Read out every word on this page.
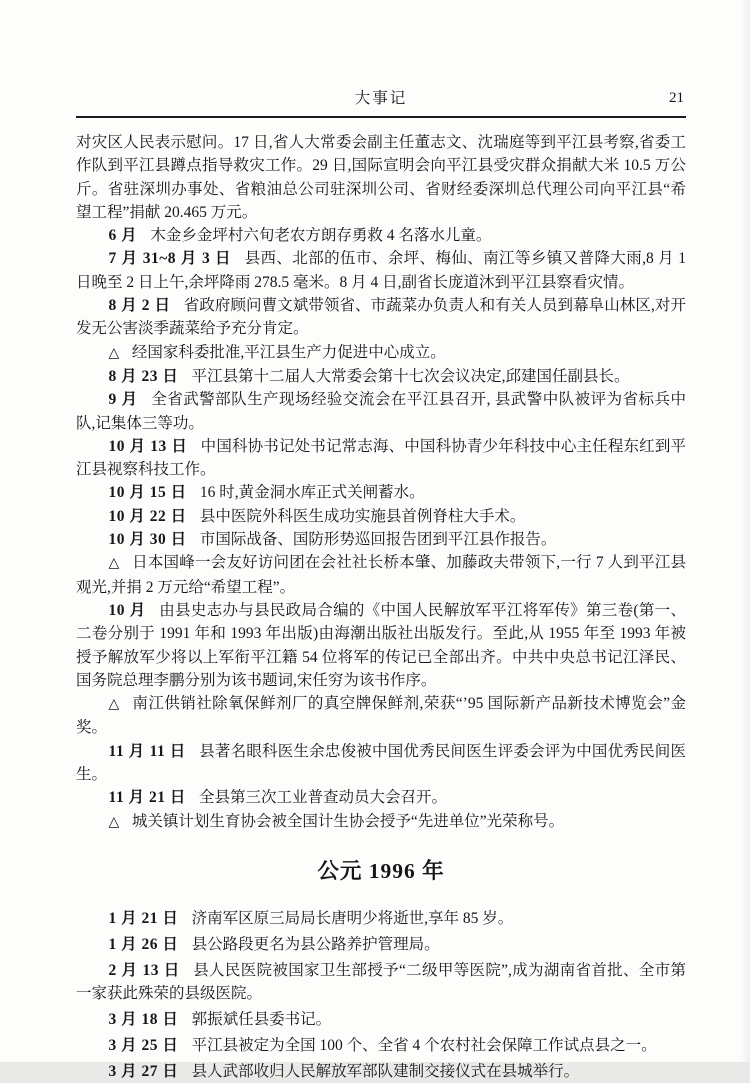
大事记	21

对灾区人民表示慰问。17 日,省人大常委会副主任董志文、沈瑞庭等到平江县考察,省委工作队到平江县蹲点指导救灾工作。29 日,国际宣明会向平江县受灾群众捐献大米 10.5 万公斤。省驻深圳办事处、省粮油总公司驻深圳公司、省财经委深圳总代理公司向平江县“希望工程”捐献 20.465 万元。

6 月 木金乡金坪村六旬老农方朗存勇救 4 名落水儿童。

7 月 31~8 月 3 日 县西、北部的伍市、余坪、梅仙、南江等乡镇又普降大雨,8 月 1 日晚至 2 日上午,余坪降雨 278.5 毫米。8 月 4 日,副省长庞道沐到平江县察看灾情。

8 月 2 日 省政府顾问曹文斌带领省、市蔬菜办负责人和有关人员到幕阜山林区,对开发无公害淡季蔬菜给予充分肯定。

△ 经国家科委批准,平江县生产力促进中心成立。

8 月 23 日 平江县第十二届人大常委会第十七次会议决定,邱建国任副县长。

9 月 全省武警部队生产现场经验交流会在平江县召开, 县武警中队被评为省标兵中队,记集体三等功。

10 月 13 日 中国科协书记处书记常志海、中国科协青少年科技中心主任程东红到平江县视察科技工作。

10 月 15 日 16 时,黄金洞水库正式关闸蓄水。

10 月 22 日 县中医院外科医生成功实施县首例脊柱大手术。

10 月 30 日 市国际战备、国防形势巡回报告团到平江县作报告。

△ 日本国峰一会友好访问团在会社社长桥本肇、加藤政夫带领下,一行 7 人到平江县观光,并捐 2 万元给“希望工程”。

10 月 由县史志办与县民政局合编的《中国人民解放军平江将军传》第三卷(第一、二卷分别于 1991 年和 1993 年出版)由海潮出版社出版发行。至此,从 1955 年至 1993 年被授予解放军少将以上军衔平江籍 54 位将军的传记已全部出齐。中共中央总书记江泽民、国务院总理李鹏分别为该书题词,宋任穷为该书作序。

△ 南江供销社除氧保鲜剂厂的真空牌保鲜剂,荣获“’95 国际新产品新技术博览会”金奖。

11 月 11 日 县著名眼科医生余忠俊被中国优秀民间医生评委会评为中国优秀民间医生。

11 月 21 日 全县第三次工业普查动员大会召开。

△ 城关镇计划生育协会被全国计生协会授予“先进单位”光荣称号。

公元 1996 年

1 月 21 日 济南军区原三局局长唐明少将逝世,享年 85 岁。

1 月 26 日 县公路段更名为县公路养护管理局。

2 月 13 日 县人民医院被国家卫生部授予“二级甲等医院”,成为湖南省首批、全市第一家获此殊荣的县级医院。

3 月 18 日 郭振斌任县委书记。

3 月 25 日 平江县被定为全国 100 个、全省 4 个农村社会保障工作试点县之一。

3 月 27 日 县人武部收归人民解放军部队建制交接仪式在县城举行。
